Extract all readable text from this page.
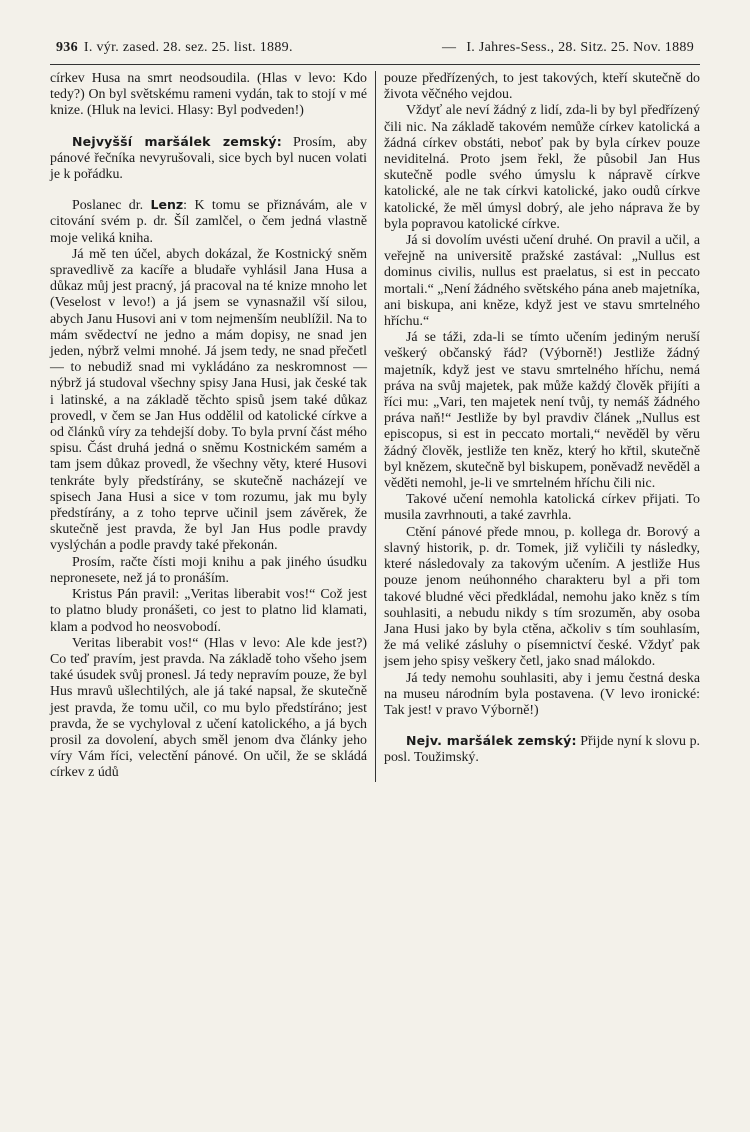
936 I. výr. zased. 28. sez. 25. list. 1889.	— I. Jahres-Sess., 28. Sitz. 25. Nov. 1889

církev Husa na smrt neodsoudila. (Hlas v levo: Kdo tedy?) On byl světskému rameni vydán, tak to stojí v mé knize. (Hluk na levici. Hlasy: Byl podveden!)

Nejvyšší maršálek zemský: Prosím, aby pánové řečníka nevyrušovali, sice bych byl nucen volati je k pořádku.

Poslanec dr. Lenz: K tomu se přiznávám, ale v citování svém p. dr. Šíl zamlčel, o čem jedná vlastně moje veliká kniha.

Já mě ten účel, abych dokázal, že Kostnický sněm spravedlivě za kacíře a bludaře vyhlásil Jana Husa a důkaz můj jest pracný, já pracoval na té knize mnoho let (Veselost v levo!) a já jsem se vynasnažil vší silou, abych Janu Husovi ani v tom nejmenším neublížil. Na to mám svědectví ne jedno a mám dopisy, ne snad jen jeden, nýbrž velmi mnohé. Já jsem tedy, ne snad přečetl — to nebudiž snad mi vykládáno za neskromnost — nýbrž já studoval všechny spisy Jana Husi, jak české tak i latinské, a na základě těchto spisů jsem také důkaz provedl, v čem se Jan Hus oddělil od katolické církve a od článků víry za tehdejší doby. To byla první část mého spisu. Část druhá jedná o sněmu Kostnickém samém a tam jsem důkaz provedl, že všechny věty, které Husovi tenkráte byly předstírány, se skutečně nacházejí ve spisech Jana Husi a sice v tom rozumu, jak mu byly předstírány, a z toho teprve učinil jsem závěrek, že skutečně jest pravda, že byl Jan Hus podle pravdy vyslýchán a podle pravdy také překonán.

Prosím, račte čísti moji knihu a pak jiného úsudku nepronesete, než já to pronáším.

Kristus Pán pravil: „Veritas liberabit vos!“ Což jest to platno bludy pronášeti, co jest to platno lid klamati, klam a podvod ho neosvobodí.

Veritas liberabit vos!“ (Hlas v levo: Ale kde jest?) Co teď pravím, jest pravda. Na základě toho všeho jsem také úsudek svůj pronesl. Já tedy nepravím pouze, že byl Hus mravů ušlechtilých, ale já také napsal, že skutečně jest pravda, že tomu učil, co mu bylo předstíráno; jest pravda, že se vychyloval z učení katolického, a já bych prosil za dovolení, abych směl jenom dva články jeho víry Vám říci, velectění pánové. On učil, že se skládá církev z údů

pouze předřízených, to jest takových, kteří skutečně do života věčného vejdou.

Vždyť ale neví žádný z lidí, zda-li by byl předřízený čili nic. Na základě takovém nemůže církev katolická a žádná církev obstáti, neboť pak by byla církev pouze neviditelná. Proto jsem řekl, že působil Jan Hus skutečně podle svého úmyslu k nápravě církve katolické, ale ne tak církvi katolické, jako oudů církve katolické, že měl úmysl dobrý, ale jeho náprava že by byla popravou katolické církve.

Já si dovolím uvésti učení druhé. On pravil a učil, a veřejně na universitě pražské zastával: „Nullus est dominus civilis, nullus est praelatus, si est in peccato mortali.“ „Není žádného světského pána aneb majetníka, ani biskupa, ani kněze, když jest ve stavu smrtelného hříchu.“

Já se táži, zda-li se tímto učením jediným neruší veškerý občanský řád? (Výborně!) Jestliže žádný majetník, když jest ve stavu smrtelného hříchu, nemá práva na svůj majetek, pak může každý člověk přijíti a říci mu: „Vari, ten majetek není tvůj, ty nemáš žádného práva naň!“ Jestliže by byl pravdiv článek „Nullus est episcopus, si est in peccato mortali,“ nevěděl by věru žádný člověk, jestliže ten kněz, který ho křtil, skutečně byl knězem, skutečně byl biskupem, poněvadž nevěděl a věděti nemohl, je-li ve smrtelném hříchu čili nic.

Takové učení nemohla katolická církev přijati. To musila zavrhnouti, a také zavrhla.

Ctění pánové přede mnou, p. kollega dr. Borový a slavný historik, p. dr. Tomek, již vyličili ty následky, které následovaly za takovým učením. A jestliže Hus pouze jenom neúhonného charakteru byl a při tom takové bludné věci předkládal, nemohu jako kněz s tím souhlasiti, a nebudu nikdy s tím srozuměn, aby osoba Jana Husi jako by byla ctěna, ačkoliv s tím souhlasím, že má veliké zásluhy o písemnictví české. Vždyť pak jsem jeho spisy veškery četl, jako snad málokdo.

Já tedy nemohu souhlasiti, aby i jemu čestná deska na museu národním byla postavena. (V levo ironické: Tak jest! v pravo Výborně!)

Nejv. maršálek zemský: Přijde nyní k slovu p. posl. Toužimský.
